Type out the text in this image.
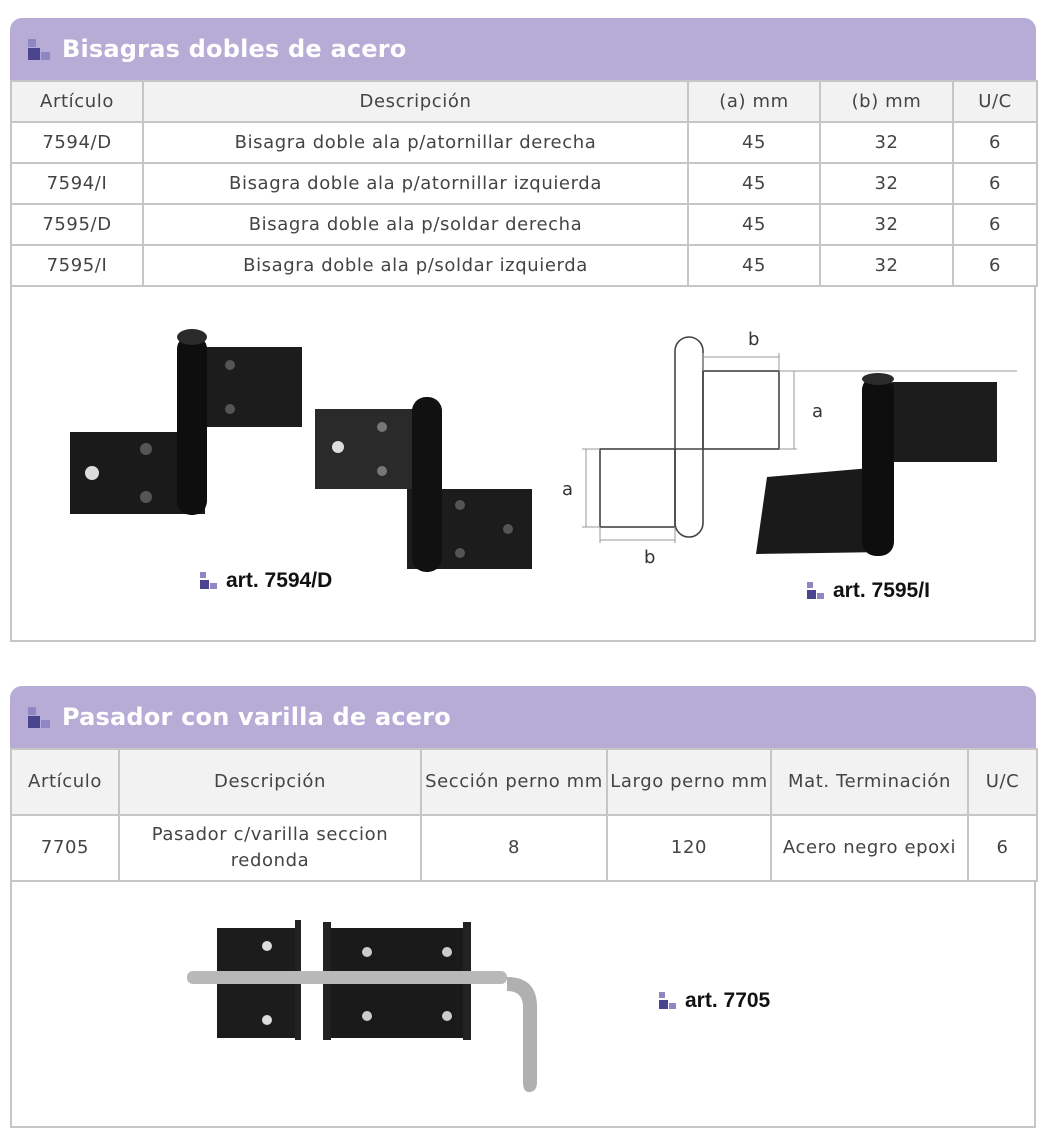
Bisagras dobles de acero
Artículo	Descripción	(a) mm	(b) mm	U/C
7594/D	Bisagra doble ala p/atornillar derecha	45	32	6
7594/I	Bisagra doble ala p/atornillar izquierda	45	32	6
7595/D	Bisagra doble ala p/soldar derecha	45	32	6
7595/I	Bisagra doble ala p/soldar izquierda	45	32	6
art. 7594/D
b
a
a
b
art. 7595/I
Pasador con varilla de acero
Artículo	Descripción	Sección perno mm	Largo perno mm	Mat. Terminación	U/C
7705	Pasador c/varilla seccion redonda	8	120	Acero negro epoxi	6
art. 7705
